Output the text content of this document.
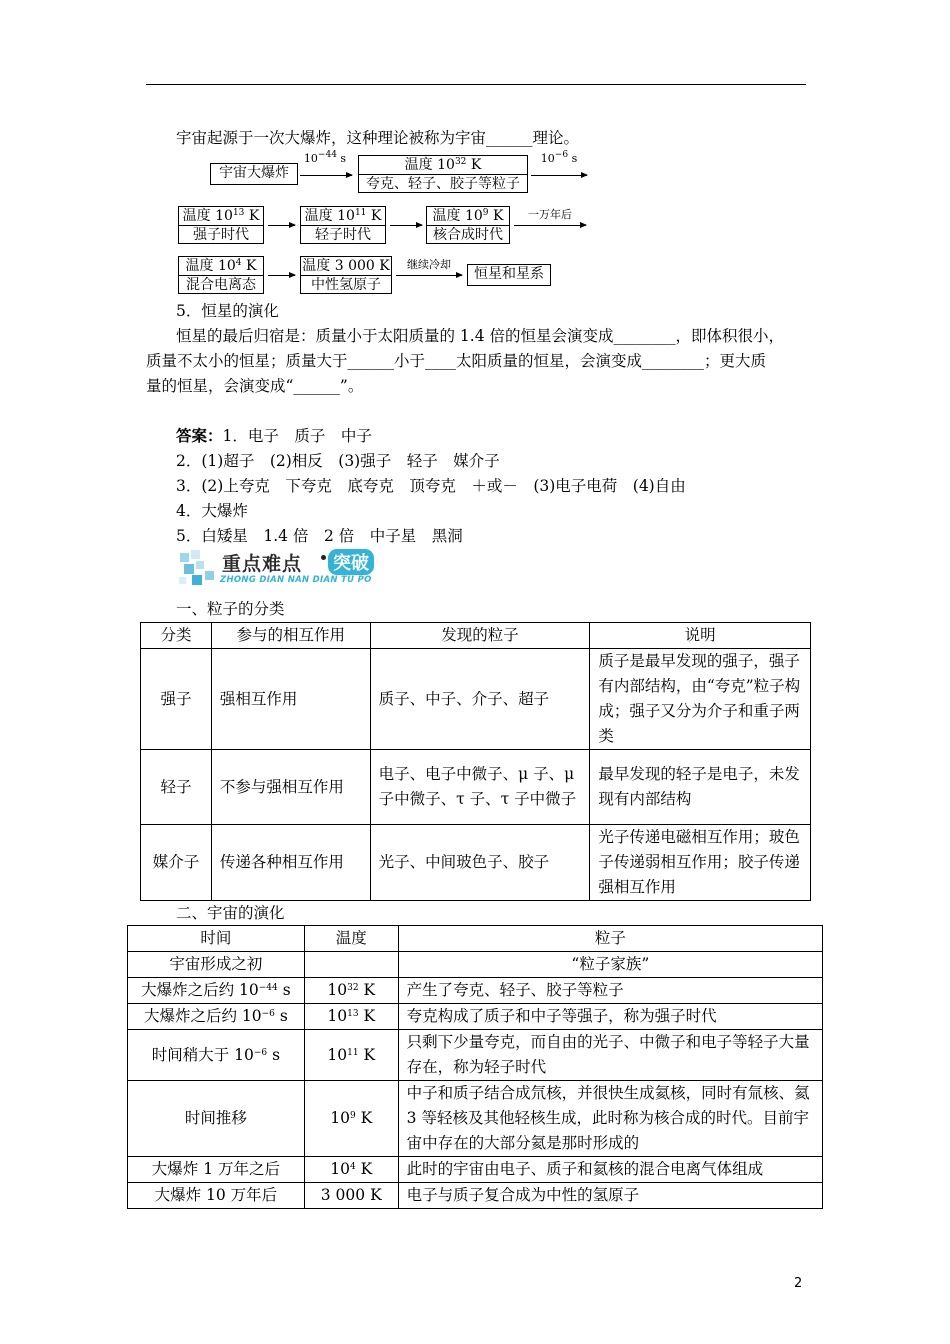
宇宙起源于一次大爆炸，这种理论被称为宇宙______理论。
宇宙大爆炸
$10^{-44}$ s	温度 $10^{32}$ K
夸克、轻子、胶子等粒子
$10^{-6}$ s
温度 $10^{13}$ K
强子时代
温度 $10^{11}$ K
轻子时代
温度 $10^9$ K
核合成时代
一万年后
温度 $10^4$ K
混合电离态
温度 3 000 K
中性氢原子
继续冷却
恒星和星系
5．恒星的演化
恒星的最后归宿是：质量小于太阳质量的 1.4 倍的恒星会演变成________，即体积很小，
质量不太小的恒星；质量大于______小于____太阳质量的恒星，会演变成________；更大质
量的恒星，会演变成“______”。
答案：1．电子　质子　中子
2．(1)超子　(2)相反　(3)强子　轻子　媒介子
3．(2)上夸克　下夸克　底夸克　顶夸克　＋或－　(3)电子电荷　(4)自由
4．大爆炸
5．白矮星　1.4 倍　2 倍　中子星　黑洞
重点难点 突破
ZHONG DIAN NAN DIAN TU PO
一、粒子的分类
分类	参与的相互作用	发现的粒子	说明
强子	强相互作用	质子、中子、介子、超子	质子是最早发现的强子，强子有内部结构，由“夸克”粒子构成；强子又分为介子和重子两类
轻子	不参与强相互作用	电子、电子中微子、μ 子、μ 子中微子、τ 子、τ 子中微子	最早发现的轻子是电子，未发现有内部结构
媒介子	传递各种相互作用	光子、中间玻色子、胶子	光子传递电磁相互作用；玻色子传递弱相互作用；胶子传递强相互作用
二、宇宙的演化
时间	温度	粒子
宇宙形成之初		“粒子家族”
大爆炸之后约 $10^{-44}$ s	$10^{32}$ K	产生了夸克、轻子、胶子等粒子
大爆炸之后约 $10^{-6}$ s	$10^{13}$ K	夸克构成了质子和中子等强子，称为强子时代
时间稍大于 $10^{-6}$ s	$10^{11}$ K	只剩下少量夸克，而自由的光子、中微子和电子等轻子大量存在，称为轻子时代
时间推移	$10^9$ K	中子和质子结合成氘核，并很快生成氦核，同时有氚核、氦 3 等轻核及其他轻核生成，此时称为核合成的时代。目前宇宙中存在的大部分氦是那时形成的
大爆炸 1 万年之后	$10^4$ K	此时的宇宙由电子、质子和氦核的混合电离气体组成
大爆炸 10 万年后	3 000 K	电子与质子复合成为中性的氢原子
2
